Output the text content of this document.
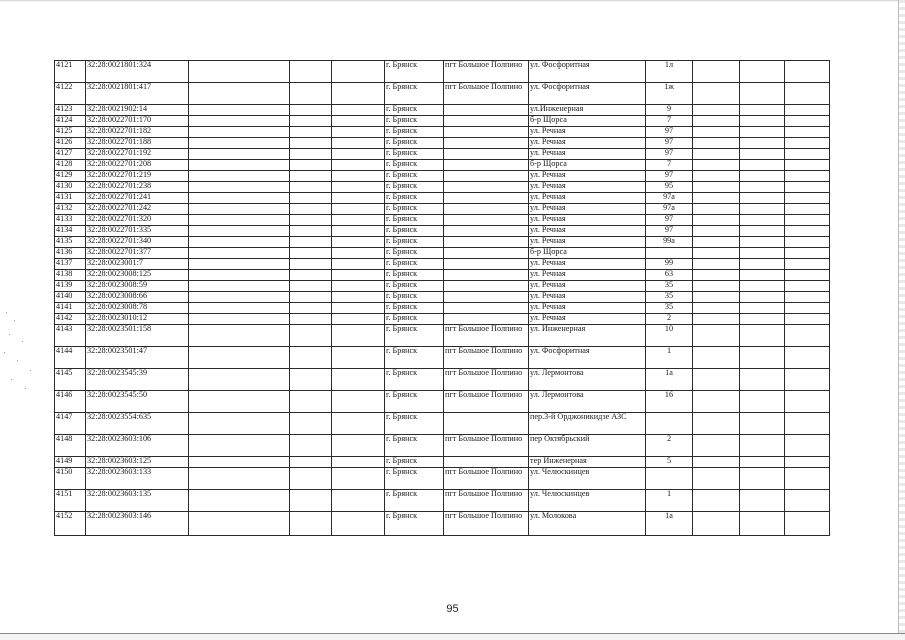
4121	32:28:0021801:324				г. Брянск	пгт Большое Полпино	ул. Фосфоритная	1л			
4122	32:28:0021801:417				г. Брянск	пгт Большое Полпино	ул. Фосфоритная	1ж			
4123	32:28:0021902:14				г. Брянск		ул.Инженерная	9			
4124	32:28:0022701:170				г. Брянск		б-р Щорса	7			
4125	32:28:0022701:182				г. Брянск		ул. Речная	97			
4126	32:28:0022701:188				г. Брянск		ул. Речная	97			
4127	32:28:0022701:192				г. Брянск		ул. Речная	97			
4128	32:28:0022701:208				г. Брянск		б-р Щорса	7			
4129	32:28:0022701:219				г. Брянск		ул. Речная	97			
4130	32:28:0022701:238				г. Брянск		ул. Речная	95			
4131	32:28:0022701:241				г. Брянск		ул. Речная	97а			
4132	32:28:0022701:242				г. Брянск		ул. Речная	97а			
4133	32:28:0022701:320				г. Брянск		ул. Речная	97			
4134	32:28:0022701:335				г. Брянск		ул. Речная	97			
4135	32:28:0022701:340				г. Брянск		ул. Речная	99а			
4136	32:28:0022701:377				г. Брянск		б-р Щорса				
4137	32:28:0023001:7				г. Брянск		ул. Речная	99			
4138	32:28:0023008:125				г. Брянск		ул. Речная	63			
4139	32:28:0023008:59				г. Брянск		ул. Речная	35			
4140	32:28:0023008:66				г. Брянск		ул. Речная	35			
4141	32:28:0023008:78				г. Брянск		ул. Речная	35			
4142	32:28:0023010:12				г. Брянск		ул. Речная	2			
4143	32:28:0023501:158				г. Брянск	пгт Большое Полпино	ул. Инженерная	10			
4144	32:28:0023501:47				г. Брянск	пгт Большое Полпино	ул. Фосфоритная	1			
4145	32:28:0023545:39				г. Брянск	пгт Большое Полпино	ул. Лермонтова	1а			
4146	32:28:0023545:50				г. Брянск	пгт Большое Полпино	ул. Лермонтова	16			
4147	32:28:0023554:635				г. Брянск		пер.3-й Орджоникидзе АЗС				
4148	32:28:0023603:106				г. Брянск	пгт Большое Полпино	пер Октябрьский	2			
4149	32:28:0023603:125				г. Брянск		тер Инженерная	5			
4150	32:28:0023603:133				г. Брянск	пгт Большое Полпино	ул. Челюскинцев				
4151	32:28:0023603:135				г. Брянск	пгт Большое Полпино	ул. Челюскинцев	1			
4152	32:28:0023603:146				г. Брянск	пгт Большое Полпино	ул. Молокова	1а			
95
